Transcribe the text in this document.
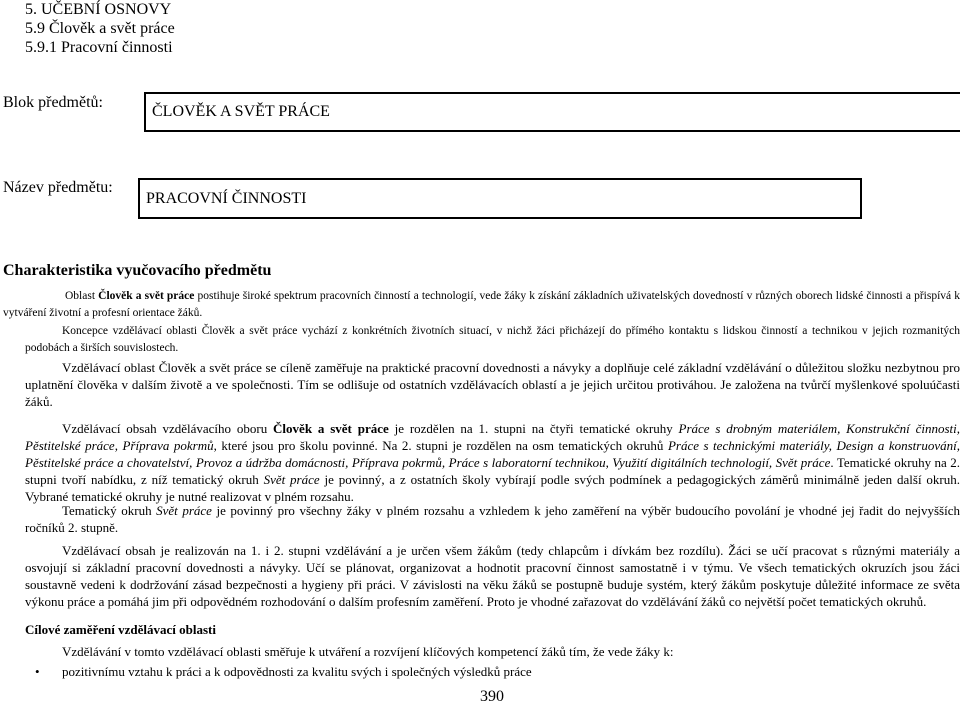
5. UČEBNÍ OSNOVY
5.9 Člověk a svět práce
5.9.1 Pracovní činnosti
Blok předmětů:
ČLOVĚK A SVĚT PRÁCE
Název předmětu:
PRACOVNÍ ČINNOSTI
Charakteristika vyučovacího předmětu
Oblast Člověk a svět práce postihuje široké spektrum pracovních činností a technologií, vede žáky k získání základních uživatelských dovedností v různých oborech lidské činnosti a přispívá k vytváření životní a profesní orientace žáků.
Koncepce vzdělávací oblasti Člověk a svět práce vychází z konkrétních životních situací, v nichž žáci přicházejí do přímého kontaktu s lidskou činností a technikou v jejich rozmanitých podobách a širších souvislostech.
Vzdělávací oblast Člověk a svět práce se cíleně zaměřuje na praktické pracovní dovednosti a návyky a doplňuje celé základní vzdělávání o důležitou složku nezbytnou pro uplatnění člověka v dalším životě a ve společnosti. Tím se odlišuje od ostatních vzdělávacích oblastí a je jejich určitou protiváhou. Je založena na tvůrčí myšlenkové spoluúčasti žáků.
Vzdělávací obsah vzdělávacího oboru Člověk a svět práce je rozdělen na 1. stupni na čtyři tematické okruhy Práce s drobným materiálem, Konstrukční činnosti, Pěstitelské práce, Příprava pokrmů, které jsou pro školu povinné. Na 2. stupni je rozdělen na osm tematických okruhů Práce s technickými materiály, Design a konstruování, Pěstitelské práce a chovatelství, Provoz a údržba domácnosti, Příprava pokrmů, Práce s laboratorní technikou, Využití digitálních technologií, Svět práce. Tematické okruhy na 2. stupni tvoří nabídku, z níž tematický okruh Svět práce je povinný, a z ostatních školy vybírají podle svých podmínek a pedagogických záměrů minimálně jeden další okruh. Vybrané tematické okruhy je nutné realizovat v plném rozsahu.
Tematický okruh Svět práce je povinný pro všechny žáky v plném rozsahu a vzhledem k jeho zaměření na výběr budoucího povolání je vhodné jej řadit do nejvyšších ročníků 2. stupně.
Vzdělávací obsah je realizován na 1. i 2. stupni vzdělávání a je určen všem žákům (tedy chlapcům i dívkám bez rozdílu). Žáci se učí pracovat s různými materiály a osvojují si základní pracovní dovednosti a návyky. Učí se plánovat, organizovat a hodnotit pracovní činnost samostatně i v týmu. Ve všech tematických okruzích jsou žáci soustavně vedeni k dodržování zásad bezpečnosti a hygieny při práci. V závislosti na věku žáků se postupně buduje systém, který žákům poskytuje důležité informace ze světa výkonu práce a pomáhá jim při odpovědném rozhodování o dalším profesním zaměření. Proto je vhodné zařazovat do vzdělávání žáků co největší počet tematických okruhů.
Cílové zaměření vzdělávací oblasti
Vzdělávání v tomto vzdělávací oblasti směřuje k utváření a rozvíjení klíčových kompetencí žáků tím, že vede žáky k:
• pozitivnímu vztahu k práci a k odpovědnosti za kvalitu svých i společných výsledků práce
390
